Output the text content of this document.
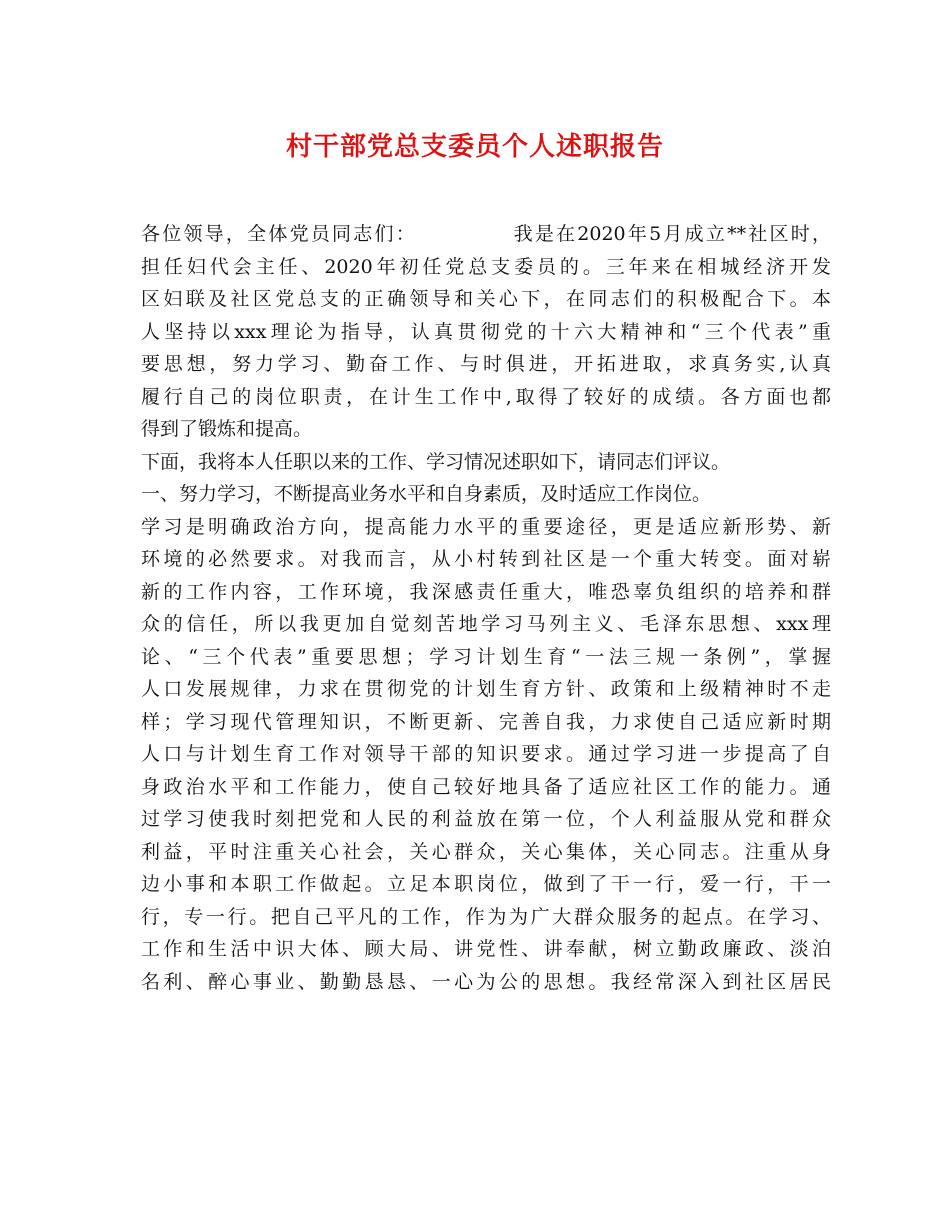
村干部党总支委员个人述职报告
各位领导，全体党员同志们：　　　　　我是在2020年5月成立**社区时，
担任妇代会主任、2020年初任党总支委员的。三年来在相城经济开发
区妇联及社区党总支的正确领导和关心下，在同志们的积极配合下。本
人坚持以xxx理论为指导，认真贯彻党的十六大精神和“三个代表”重
要思想，努力学习、勤奋工作、与时俱进，开拓进取，求真务实,认真
履行自己的岗位职责，在计生工作中,取得了较好的成绩。各方面也都
得到了锻炼和提高。
下面，我将本人任职以来的工作、学习情况述职如下，请同志们评议。
一、努力学习，不断提高业务水平和自身素质，及时适应工作岗位。
学习是明确政治方向，提高能力水平的重要途径，更是适应新形势、新
环境的必然要求。对我而言，从小村转到社区是一个重大转变。面对崭
新的工作内容，工作环境，我深感责任重大，唯恐辜负组织的培养和群
众的信任，所以我更加自觉刻苦地学习马列主义、毛泽东思想、xxx理
论、“三个代表”重要思想；学习计划生育“一法三规一条例”，掌握
人口发展规律，力求在贯彻党的计划生育方针、政策和上级精神时不走
样；学习现代管理知识，不断更新、完善自我，力求使自己适应新时期
人口与计划生育工作对领导干部的知识要求。通过学习进一步提高了自
身政治水平和工作能力，使自己较好地具备了适应社区工作的能力。通
过学习使我时刻把党和人民的利益放在第一位，个人利益服从党和群众
利益，平时注重关心社会，关心群众，关心集体，关心同志。注重从身
边小事和本职工作做起。立足本职岗位，做到了干一行，爱一行，干一
行，专一行。把自己平凡的工作，作为为广大群众服务的起点。在学习、
工作和生活中识大体、顾大局、讲党性、讲奉献，树立勤政廉政、淡泊
名利、醉心事业、勤勤恳恳、一心为公的思想。我经常深入到社区居民
